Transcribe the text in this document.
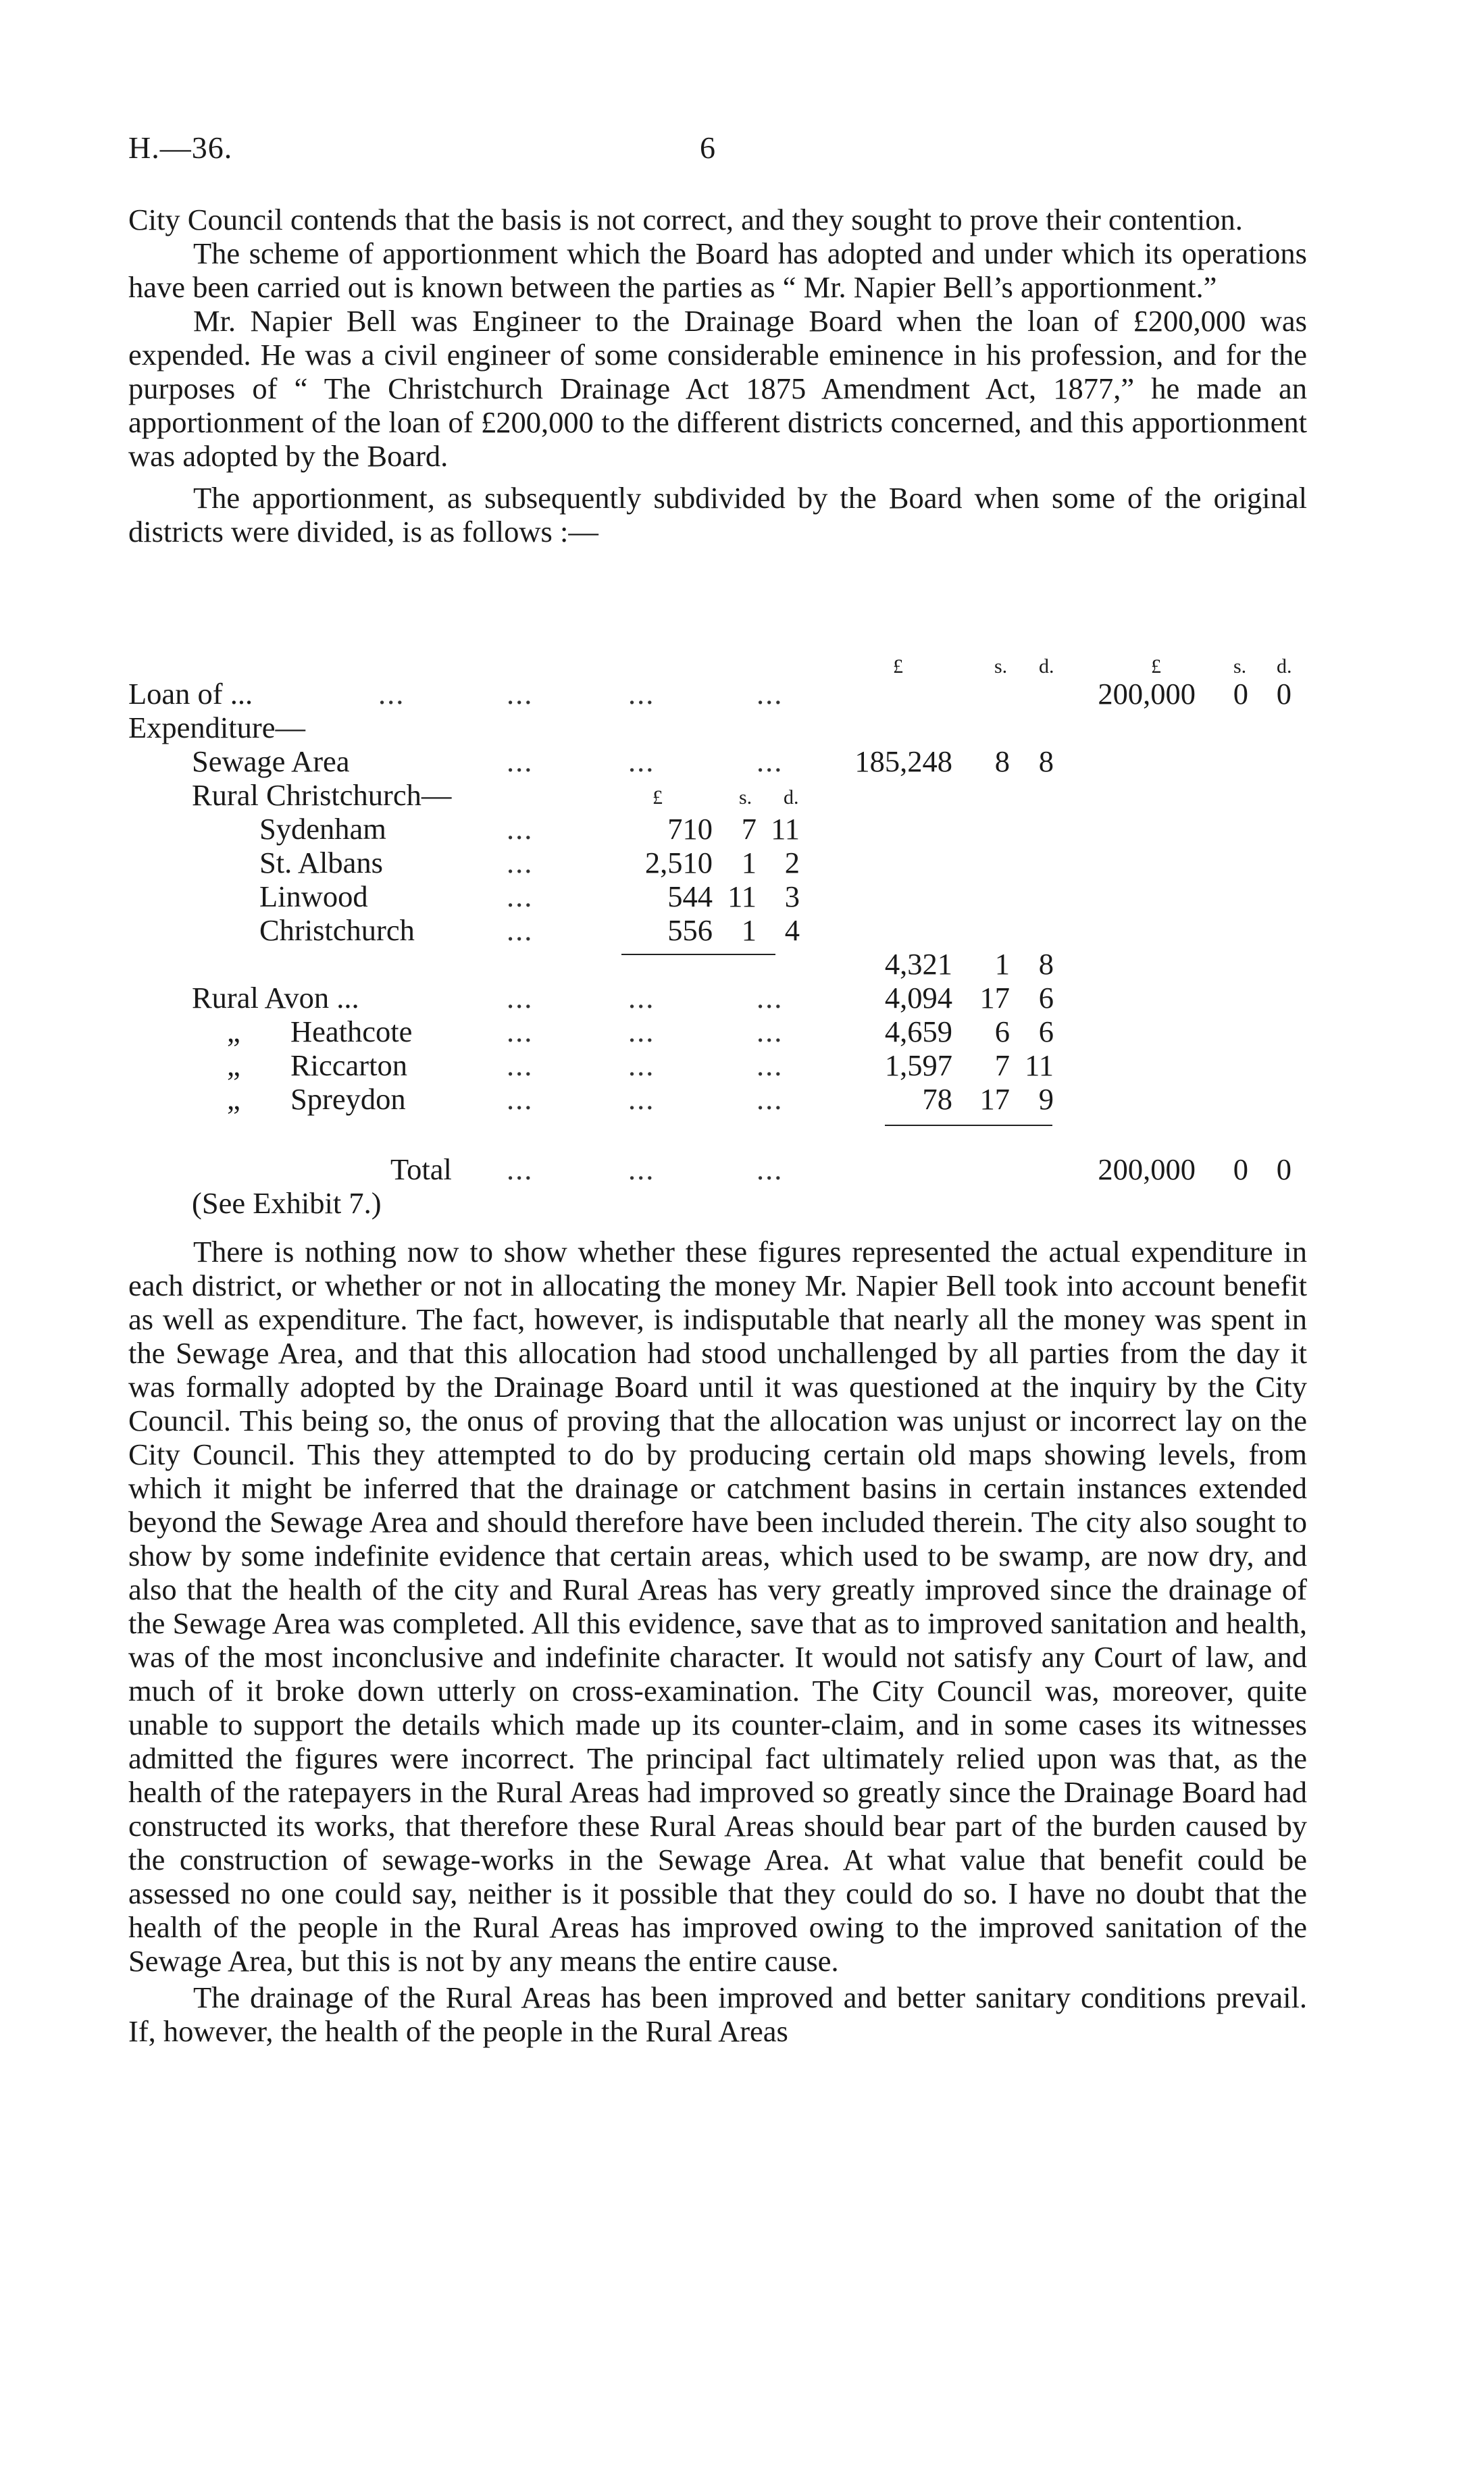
H.—36.	6

City Council contends that the basis is not correct, and they sought to prove their contention.

The scheme of apportionment which the Board has adopted and under which its operations have been carried out is known between the parties as “ Mr. Napier Bell’s apportionment.”

Mr. Napier Bell was Engineer to the Drainage Board when the loan of £200,000 was expended. He was a civil engineer of some considerable eminence in his profession, and for the purposes of “ The Christchurch Drainage Act 1875 Amendment Act, 1877,” he made an apportionment of the loan of £200,000 to the different districts concerned, and this apportionment was adopted by the Board.

The apportionment, as subsequently subdivided by the Board when some of the original districts were divided, is as follows :—

£	s. d.	£	s. d.
Loan of ...	...	...	...	...	200,000	0 0
Expenditure—
Sewage Area	...	...	...	185,248	8 8
Rural Christchurch—	£	s. d.
Sydenham	...	710 7 11
St. Albans	...	2,510 1 2
Linwood	...	544 11 3
Christchurch	...	556 1 4
4,321	1 8
Rural Avon ...	...	...	...	4,094 17 6
„ Heathcote	...	...	...	4,659	6 6
„ Riccarton	...	...	...	1,597	7 11
„ Spreydon	...	...	...	78 17 9
Total ...	...	...	200,000	0 0
(See Exhibit 7.)

There is nothing now to show whether these figures represented the actual expenditure in each district, or whether or not in allocating the money Mr. Napier Bell took into account benefit as well as expenditure. The fact, however, is indisputable that nearly all the money was spent in the Sewage Area, and that this allocation had stood unchallenged by all parties from the day it was formally adopted by the Drainage Board until it was questioned at the inquiry by the City Council. This being so, the onus of proving that the allocation was unjust or incorrect lay on the City Council. This they attempted to do by producing certain old maps showing levels, from which it might be inferred that the drainage or catchment basins in certain instances extended beyond the Sewage Area and should therefore have been included therein. The city also sought to show by some indefinite evidence that certain areas, which used to be swamp, are now dry, and also that the health of the city and Rural Areas has very greatly improved since the drainage of the Sewage Area was completed. All this evidence, save that as to improved sanitation and health, was of the most inconclusive and indefinite character. It would not satisfy any Court of law, and much of it broke down utterly on cross-examination. The City Council was, moreover, quite unable to support the details which made up its counter-claim, and in some cases its witnesses admitted the figures were incorrect. The principal fact ultimately relied upon was that, as the health of the ratepayers in the Rural Areas had improved so greatly since the Drainage Board had constructed its works, that therefore these Rural Areas should bear part of the burden caused by the construction of sewage-works in the Sewage Area. At what value that benefit could be assessed no one could say, neither is it possible that they could do so. I have no doubt that the health of the people in the Rural Areas has improved owing to the improved sanitation of the Sewage Area, but this is not by any means the entire cause.

The drainage of the Rural Areas has been improved and better sanitary conditions prevail. If, however, the health of the people in the Rural Areas
